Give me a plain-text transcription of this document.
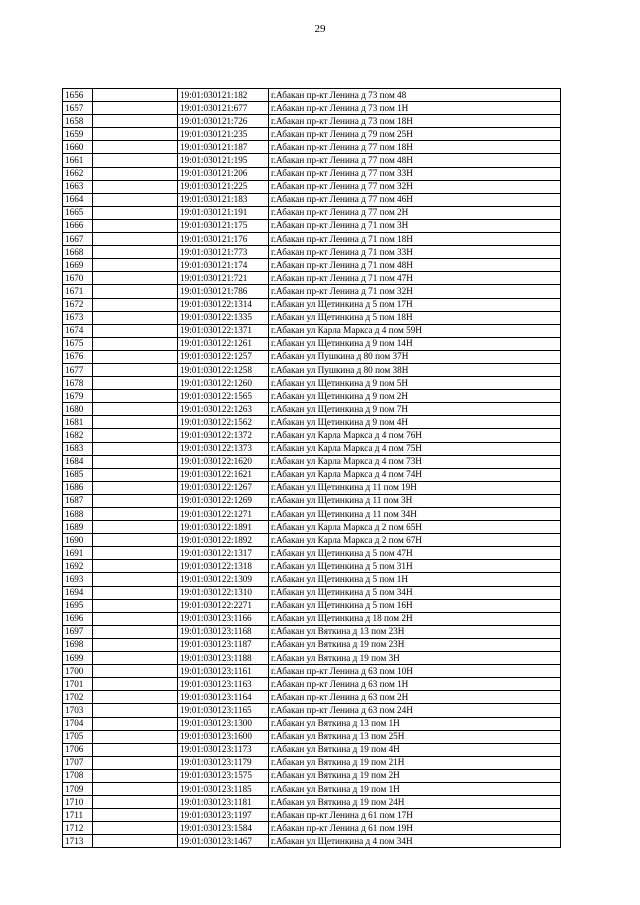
29
1656		19:01:030121:182	г.Абакан пр-кт Ленина д 73 пом 48
1657		19:01:030121:677	г.Абакан пр-кт Ленина д 73 пом 1Н
1658		19:01:030121:726	г.Абакан пр-кт Ленина д 73 пом 18Н
1659		19:01:030121:235	г.Абакан пр-кт Ленина д 79 пом 25Н
1660		19:01:030121:187	г.Абакан пр-кт Ленина д 77 пом 18Н
1661		19:01:030121:195	г.Абакан пр-кт Ленина д 77 пом 48Н
1662		19:01:030121:206	г.Абакан пр-кт Ленина д 77 пом 33Н
1663		19:01:030121:225	г.Абакан пр-кт Ленина д 77 пом 32Н
1664		19:01:030121:183	г.Абакан пр-кт Ленина д 77 пом 46Н
1665		19:01:030121:191	г.Абакан пр-кт Ленина д 77 пом 2Н
1666		19:01:030121:175	г.Абакан пр-кт Ленина д 71 пом 3Н
1667		19:01:030121:176	г.Абакан пр-кт Ленина д 71 пом 18Н
1668		19:01:030121:773	г.Абакан пр-кт Ленина д 71 пом 33Н
1669		19:01:030121:174	г.Абакан пр-кт Ленина д 71 пом 48Н
1670		19:01:030121:721	г.Абакан пр-кт Ленина д 71 пом 47Н
1671		19:01:030121:786	г.Абакан пр-кт Ленина д 71 пом 32Н
1672		19:01:030122:1314	г.Абакан ул Щетинкина д 5 пом 17Н
1673		19:01:030122:1335	г.Абакан ул Щетинкина д 5 пом 18Н
1674		19:01:030122:1371	г.Абакан ул Карла Маркса д 4 пом 59Н
1675		19:01:030122:1261	г.Абакан ул Щетинкина д 9 пом 14Н
1676		19:01:030122:1257	г.Абакан ул Пушкина д 80 пом 37Н
1677		19:01:030122:1258	г.Абакан ул Пушкина д 80 пом 38Н
1678		19:01:030122:1260	г.Абакан ул Щетинкина д 9 пом 5Н
1679		19:01:030122:1565	г.Абакан ул Щетинкина д 9 пом 2Н
1680		19:01:030122:1263	г.Абакан ул Щетинкина д 9 пом 7Н
1681		19:01:030122:1562	г.Абакан ул Щетинкина д 9 пом 4Н
1682		19:01:030122:1372	г.Абакан ул Карла Маркса д 4 пом 76Н
1683		19:01:030122:1373	г.Абакан ул Карла Маркса д 4 пом 75Н
1684		19:01:030122:1620	г.Абакан ул Карла Маркса д 4 пом 73Н
1685		19:01:030122:1621	г.Абакан ул Карла Маркса д 4 пом 74Н
1686		19:01:030122:1267	г.Абакан ул Щетинкина д 11 пом 19Н
1687		19:01:030122:1269	г.Абакан ул Щетинкина д 11 пом 3Н
1688		19:01:030122:1271	г.Абакан ул Щетинкина д 11 пом 34Н
1689		19:01:030122:1891	г.Абакан ул Карла Маркса д 2 пом 65Н
1690		19:01:030122:1892	г.Абакан ул Карла Маркса д 2 пом 67Н
1691		19:01:030122:1317	г.Абакан ул Щетинкина д 5 пом 47Н
1692		19:01:030122:1318	г.Абакан ул Щетинкина д 5 пом 31Н
1693		19:01:030122:1309	г.Абакан ул Щетинкина д 5 пом 1Н
1694		19:01:030122:1310	г.Абакан ул Щетинкина д 5 пом 34Н
1695		19:01:030122:2271	г.Абакан ул Щетинкина д 5 пом 16Н
1696		19:01:030123:1166	г.Абакан ул Щетинкина д 18 пом 2Н
1697		19:01:030123:1168	г.Абакан ул Вяткина д 13 пом 23Н
1698		19:01:030123:1187	г.Абакан ул Вяткина д 19 пом 23Н
1699		19:01:030123:1188	г.Абакан ул Вяткина д 19 пом 3Н
1700		19:01:030123:1161	г.Абакан пр-кт Ленина д 63 пом 10Н
1701		19:01:030123:1163	г.Абакан пр-кт Ленина д 63 пом 1Н
1702		19:01:030123:1164	г.Абакан пр-кт Ленина д 63 пом 2Н
1703		19:01:030123:1165	г.Абакан пр-кт Ленина д 63 пом 24Н
1704		19:01:030123:1300	г.Абакан ул Вяткина д 13 пом 1Н
1705		19:01:030123:1600	г.Абакан ул Вяткина д 13 пом 25Н
1706		19:01:030123:1173	г.Абакан ул Вяткина д 19 пом 4Н
1707		19:01:030123:1179	г.Абакан ул Вяткина д 19 пом 21Н
1708		19:01:030123:1575	г.Абакан ул Вяткина д 19 пом 2Н
1709		19:01:030123:1185	г.Абакан ул Вяткина д 19 пом 1Н
1710		19:01:030123:1181	г.Абакан ул Вяткина д 19 пом 24Н
1711		19:01:030123:1197	г.Абакан пр-кт Ленина д 61 пом 17Н
1712		19:01:030123:1584	г.Абакан пр-кт Ленина д 61 пом 19Н
1713		19:01:030123:1467	г.Абакан ул Щетинкина д 4 пом 34Н
